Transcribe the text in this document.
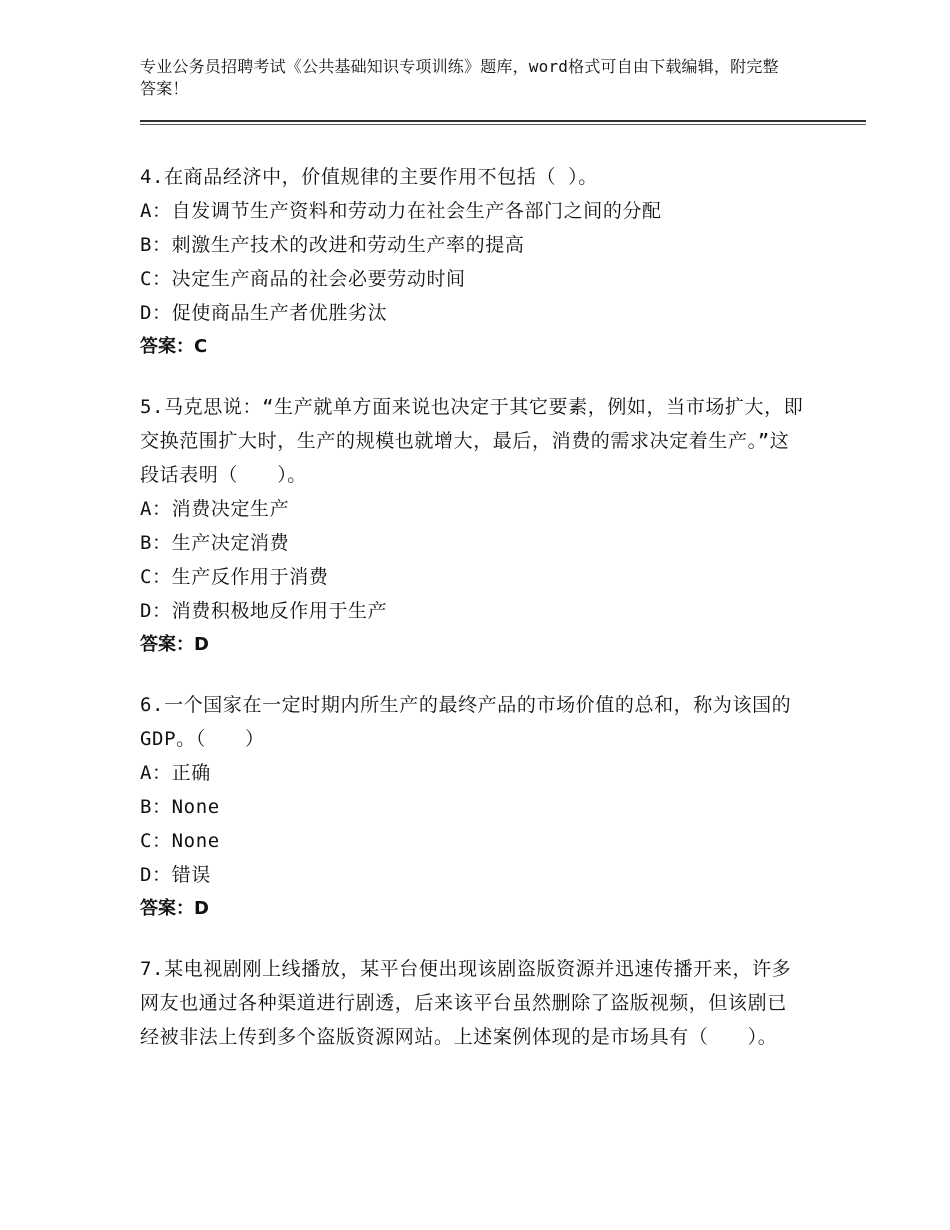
专业公务员招聘考试《公共基础知识专项训练》题库，word格式可自由下载编辑，附完整答案！
4.在商品经济中，价值规律的主要作用不包括（ ）。
A：自发调节生产资料和劳动力在社会生产各部门之间的分配
B：刺激生产技术的改进和劳动生产率的提高
C：决定生产商品的社会必要劳动时间
D：促使商品生产者优胜劣汰
答案：C
5.马克思说：“生产就单方面来说也决定于其它要素，例如，当市场扩大，即交换范围扩大时，生产的规模也就增大，最后，消费的需求决定着生产。”这段话表明（　　）。
A：消费决定生产
B：生产决定消费
C：生产反作用于消费
D：消费积极地反作用于生产
答案：D
6.一个国家在一定时期内所生产的最终产品的市场价值的总和，称为该国的GDP。（　　）
A：正确
B：None
C：None
D：错误
答案：D
7.某电视剧刚上线播放，某平台便出现该剧盗版资源并迅速传播开来，许多网友也通过各种渠道进行剧透，后来该平台虽然删除了盗版视频，但该剧已经被非法上传到多个盗版资源网站。上述案例体现的是市场具有（　　）。
